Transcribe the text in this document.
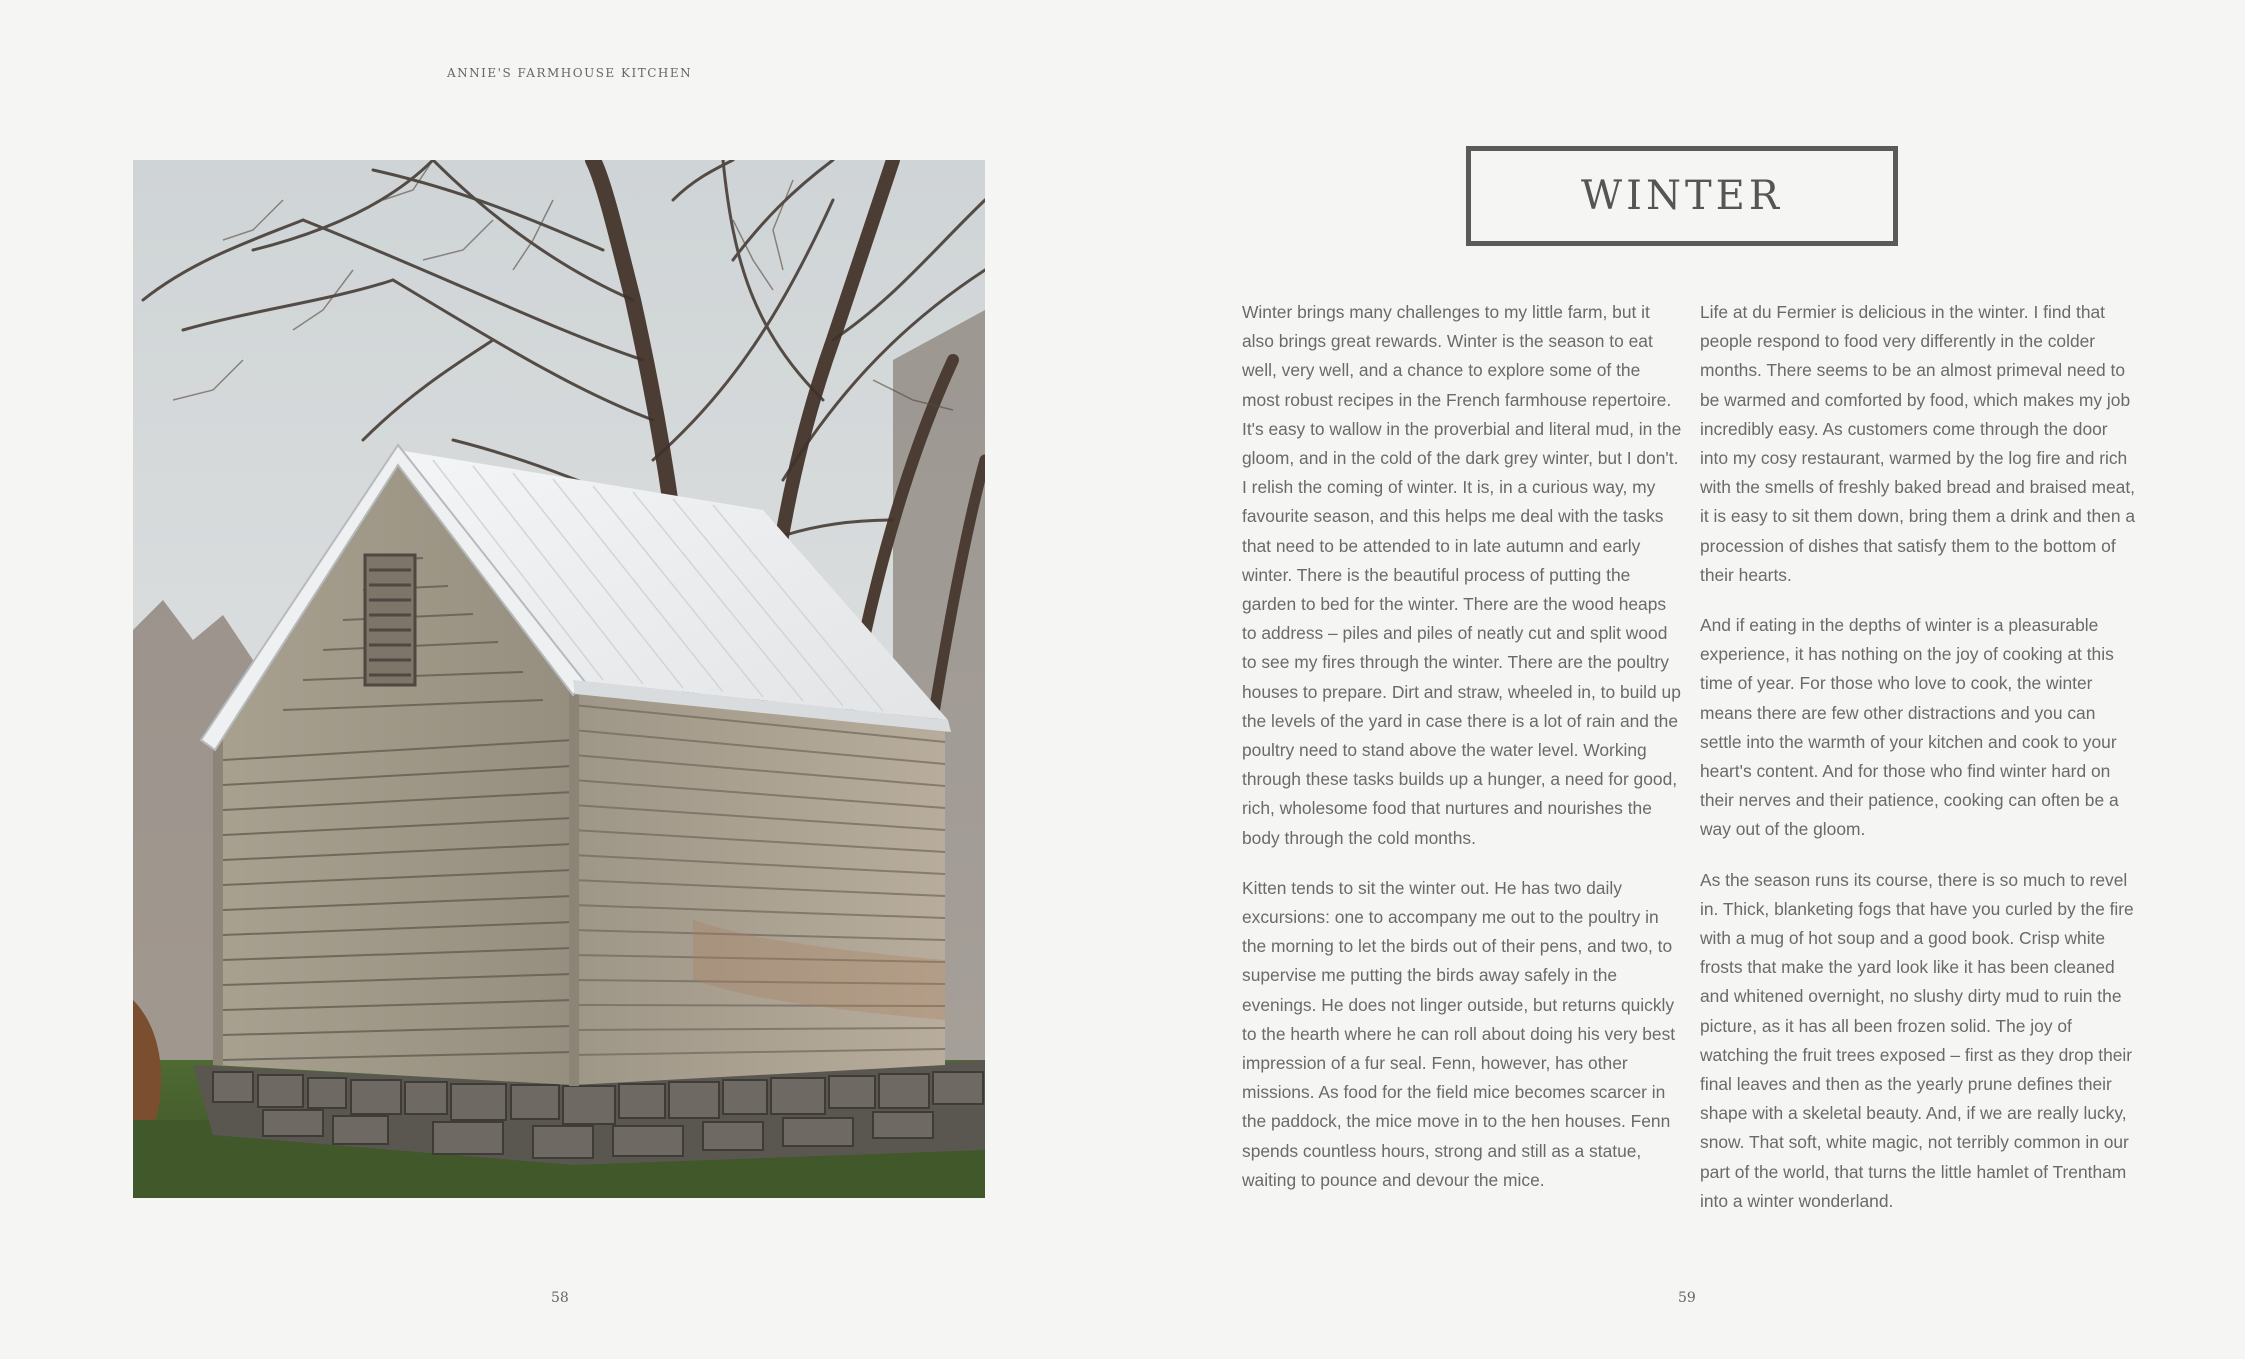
ANNIE'S FARMHOUSE KITCHEN
58
WINTER

Winter brings many challenges to my little farm, but it also brings great rewards. Winter is the season to eat well, very well, and a chance to explore some of the most robust recipes in the French farmhouse repertoire. It's easy to wallow in the proverbial and literal mud, in the gloom, and in the cold of the dark grey winter, but I don't. I relish the coming of winter. It is, in a curious way, my favourite season, and this helps me deal with the tasks that need to be attended to in late autumn and early winter. There is the beautiful process of putting the garden to bed for the winter. There are the wood heaps to address – piles and piles of neatly cut and split wood to see my fires through the winter. There are the poultry houses to prepare. Dirt and straw, wheeled in, to build up the levels of the yard in case there is a lot of rain and the poultry need to stand above the water level. Working through these tasks builds up a hunger, a need for good, rich, wholesome food that nurtures and nourishes the body through the cold months.

Kitten tends to sit the winter out. He has two daily excursions: one to accompany me out to the poultry in the morning to let the birds out of their pens, and two, to supervise me putting the birds away safely in the evenings. He does not linger outside, but returns quickly to the hearth where he can roll about doing his very best impression of a fur seal. Fenn, however, has other missions. As food for the field mice becomes scarcer in the paddock, the mice move in to the hen houses. Fenn spends countless hours, strong and still as a statue, waiting to pounce and devour the mice.

Life at du Fermier is delicious in the winter. I find that people respond to food very differently in the colder months. There seems to be an almost primeval need to be warmed and comforted by food, which makes my job incredibly easy. As customers come through the door into my cosy restaurant, warmed by the log fire and rich with the smells of freshly baked bread and braised meat, it is easy to sit them down, bring them a drink and then a procession of dishes that satisfy them to the bottom of their hearts.

And if eating in the depths of winter is a pleasurable experience, it has nothing on the joy of cooking at this time of year. For those who love to cook, the winter means there are few other distractions and you can settle into the warmth of your kitchen and cook to your heart's content. And for those who find winter hard on their nerves and their patience, cooking can often be a way out of the gloom.

As the season runs its course, there is so much to revel in. Thick, blanketing fogs that have you curled by the fire with a mug of hot soup and a good book. Crisp white frosts that make the yard look like it has been cleaned and whitened overnight, no slushy dirty mud to ruin the picture, as it has all been frozen solid. The joy of watching the fruit trees exposed – first as they drop their final leaves and then as the yearly prune defines their shape with a skeletal beauty. And, if we are really lucky, snow. That soft, white magic, not terribly common in our part of the world, that turns the little hamlet of Trentham into a winter wonderland.

59
